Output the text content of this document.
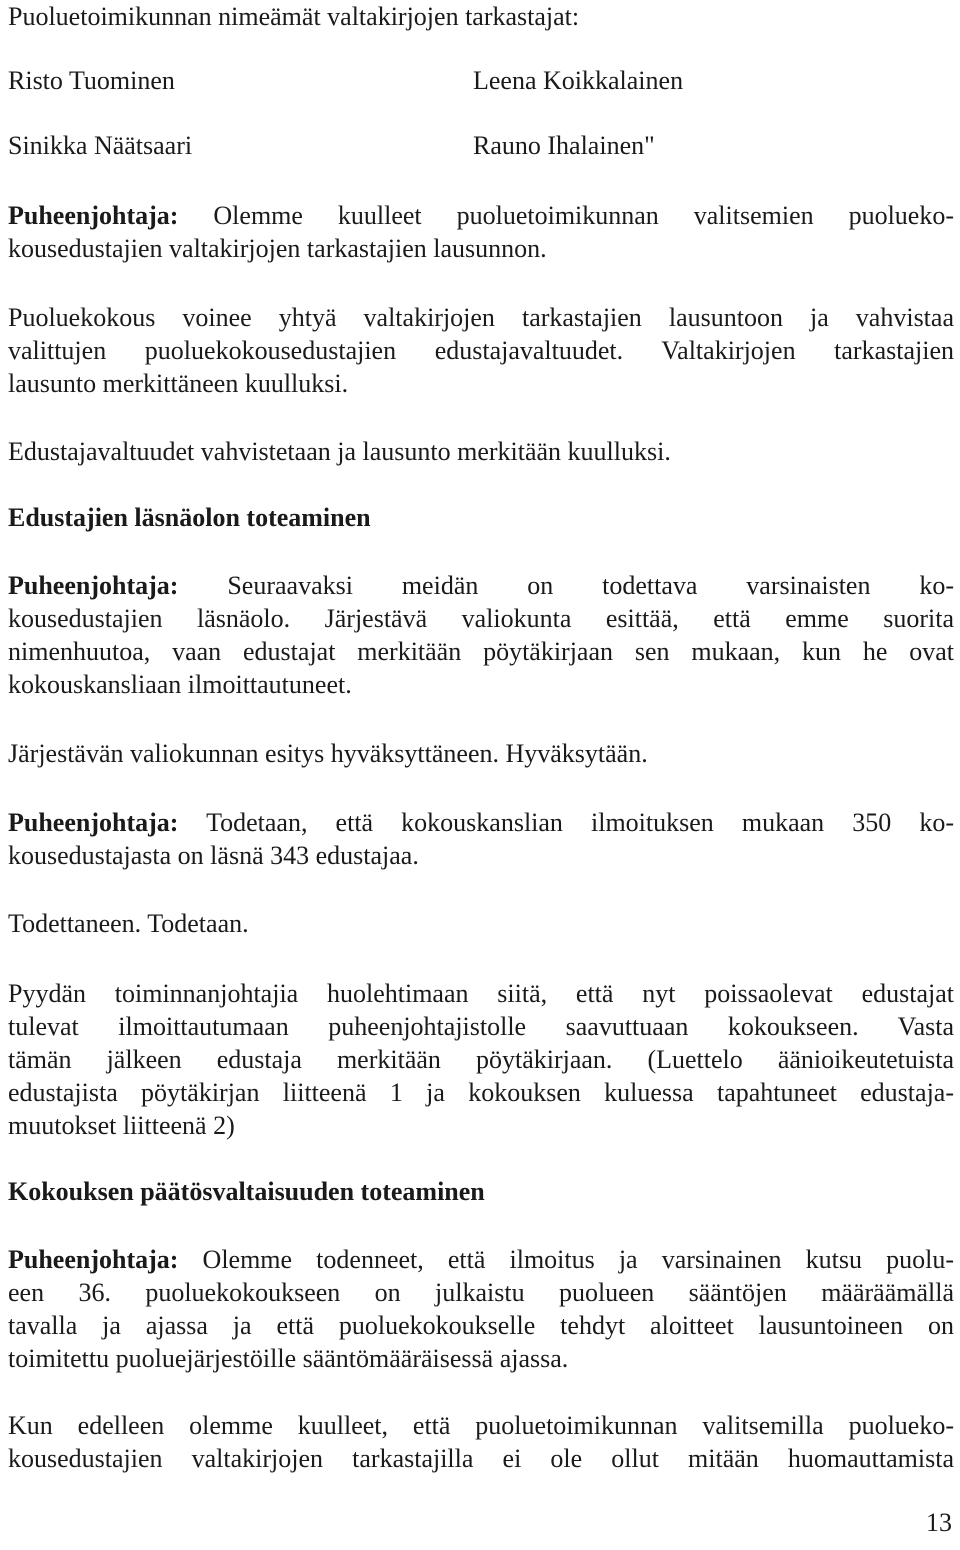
Puoluetoimikunnan nimeämät valtakirjojen tarkastajat:
Risto Tuominen	Leena Koikkalainen
Sinikka Näätsaari	Rauno Ihalainen"
Puheenjohtaja: Olemme kuulleet puoluetoimikunnan valitsemien puolueko-
kousedustajien valtakirjojen tarkastajien lausunnon.
Puoluekokous voinee yhtyä valtakirjojen tarkastajien lausuntoon ja vahvistaa
valittujen puoluekokousedustajien edustajavaltuudet. Valtakirjojen tarkastajien
lausunto merkittäneen kuulluksi.
Edustajavaltuudet vahvistetaan ja lausunto merkitään kuulluksi.
Edustajien läsnäolon toteaminen
Puheenjohtaja: Seuraavaksi meidän on todettava varsinaisten ko-
kousedustajien läsnäolo. Järjestävä valiokunta esittää, että emme suorita
nimenhuutoa, vaan edustajat merkitään pöytäkirjaan sen mukaan, kun he ovat
kokouskansliaan ilmoittautuneet.
Järjestävän valiokunnan esitys hyväksyttäneen. Hyväksytään.
Puheenjohtaja: Todetaan, että kokouskanslian ilmoituksen mukaan 350 ko-
kousedustajasta on läsnä 343 edustajaa.
Todettaneen. Todetaan.
Pyydän toiminnanjohtajia huolehtimaan siitä, että nyt poissaolevat edustajat
tulevat ilmoittautumaan puheenjohtajistolle saavuttuaan kokoukseen. Vasta
tämän jälkeen edustaja merkitään pöytäkirjaan. (Luettelo äänioikeutetuista
edustajista pöytäkirjan liitteenä 1 ja kokouksen kuluessa tapahtuneet edustaja-
muutokset liitteenä 2)
Kokouksen päätösvaltaisuuden toteaminen
Puheenjohtaja: Olemme todenneet, että ilmoitus ja varsinainen kutsu puolu-
een 36. puoluekokoukseen on julkaistu puolueen sääntöjen määräämällä
tavalla ja ajassa ja että puoluekokoukselle tehdyt aloitteet lausuntoineen on
toimitettu puoluejärjestöille sääntömääräisessä ajassa.
Kun edelleen olemme kuulleet, että puoluetoimikunnan valitsemilla puolueko-
kousedustajien valtakirjojen tarkastajilla ei ole ollut mitään huomauttamista
13
